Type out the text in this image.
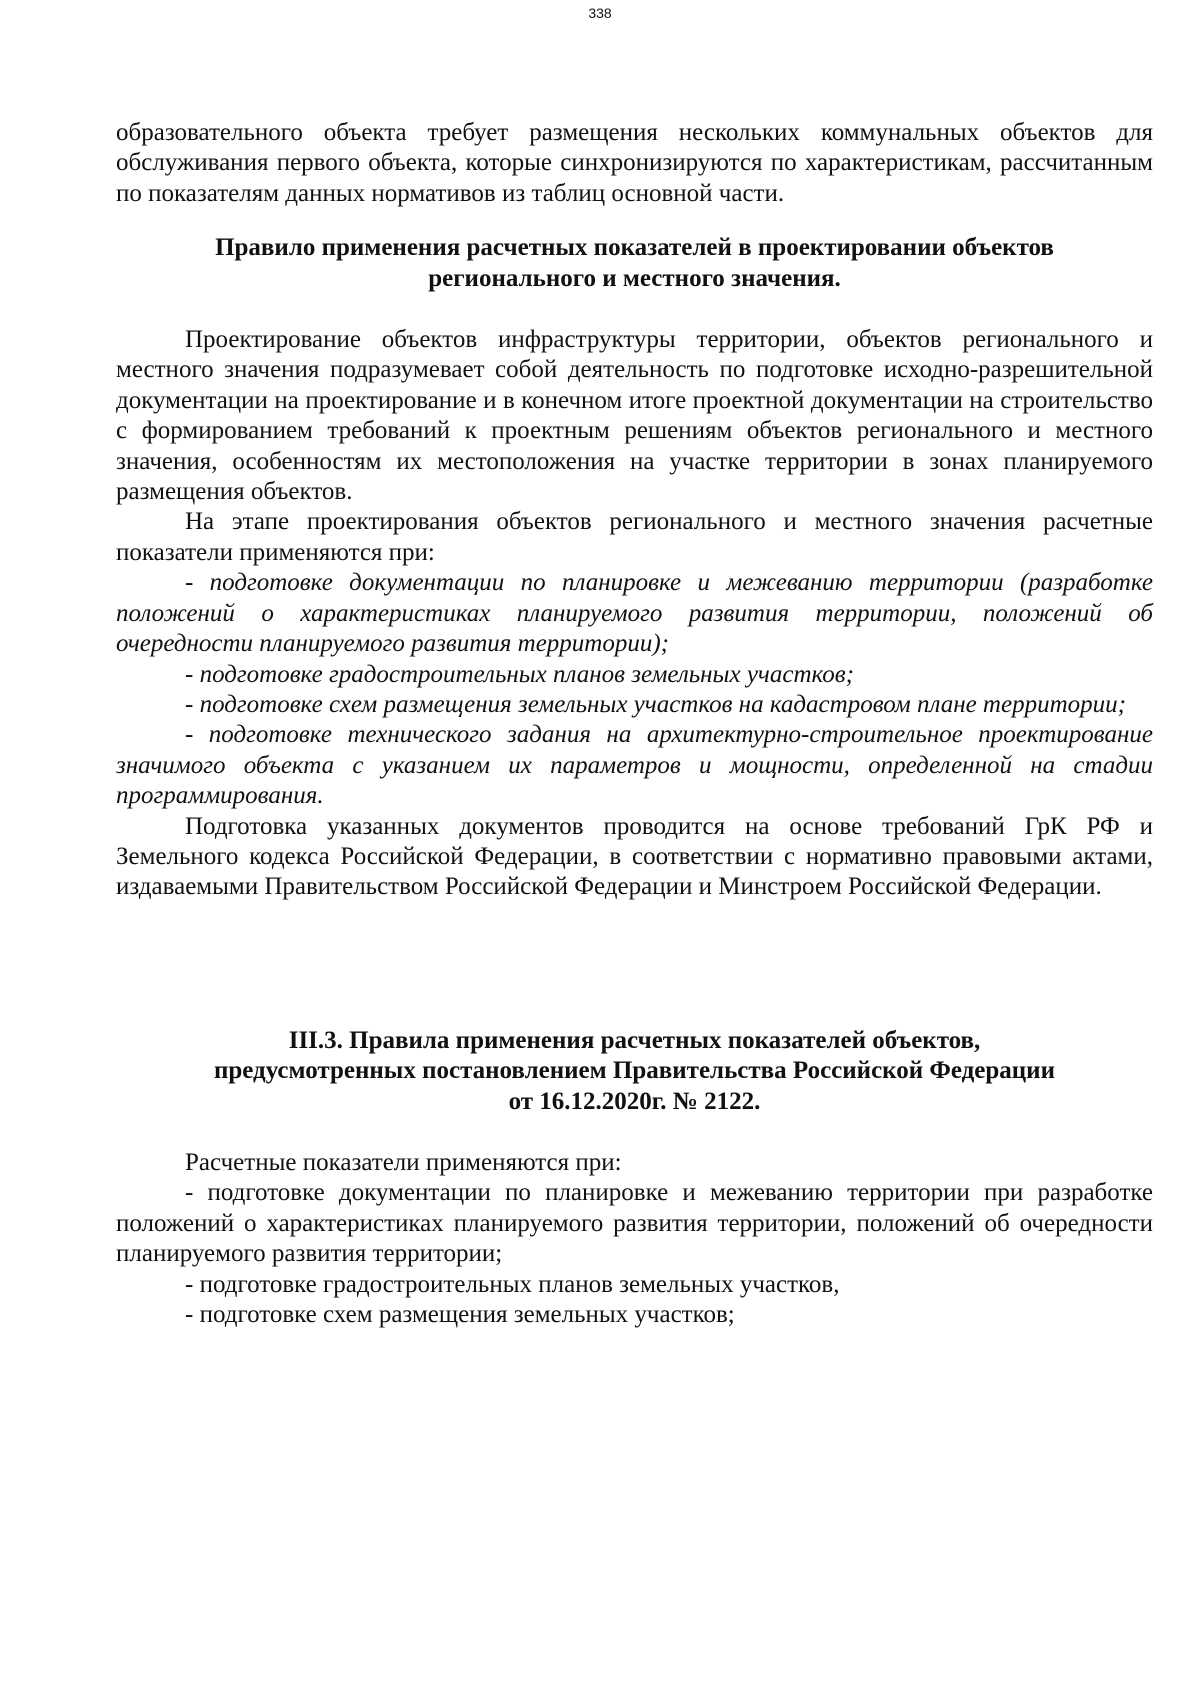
338

образовательного объекта требует размещения нескольких коммунальных объектов для обслуживания первого объекта, которые синхронизируются по характеристикам, рассчитанным по показателям данных нормативов из таблиц основной части.

Правило применения расчетных показателей в проектировании объектов

регионального и местного значения.

Проектирование объектов инфраструктуры территории, объектов регионального и местного значения подразумевает собой деятельность по подготовке исходно-разрешительной документации на проектирование и в конечном итоге проектной документации на строительство с формированием требований к проектным решениям объектов регионального и местного значения, особенностям их местоположения на участке территории в зонах планируемого размещения объектов.

На этапе проектирования объектов регионального и местного значения расчетные показатели применяются при:

- подготовке документации по планировке и межеванию территории (разработке положений о характеристиках планируемого развития территории, положений об очередности планируемого развития территории);

- подготовке градостроительных планов земельных участков;

- подготовке схем размещения земельных участков на кадастровом плане территории;

- подготовке технического задания на архитектурно-строительное проектирование значимого объекта с указанием их параметров и мощности, определенной на стадии программирования.

Подготовка указанных документов проводится на основе требований ГрК РФ и Земельного кодекса Российской Федерации, в соответствии с нормативно правовыми актами, издаваемыми Правительством Российской Федерации и Минстроем Российской Федерации.

III.3. Правила применения расчетных показателей объектов,

предусмотренных постановлением Правительства Российской Федерации

от 16.12.2020г. № 2122.

Расчетные показатели применяются при:

- подготовке документации по планировке и межеванию территории при разработке положений о характеристиках планируемого развития территории, положений об очередности планируемого развития территории;

- подготовке градостроительных планов земельных участков,

- подготовке схем размещения земельных участков;
